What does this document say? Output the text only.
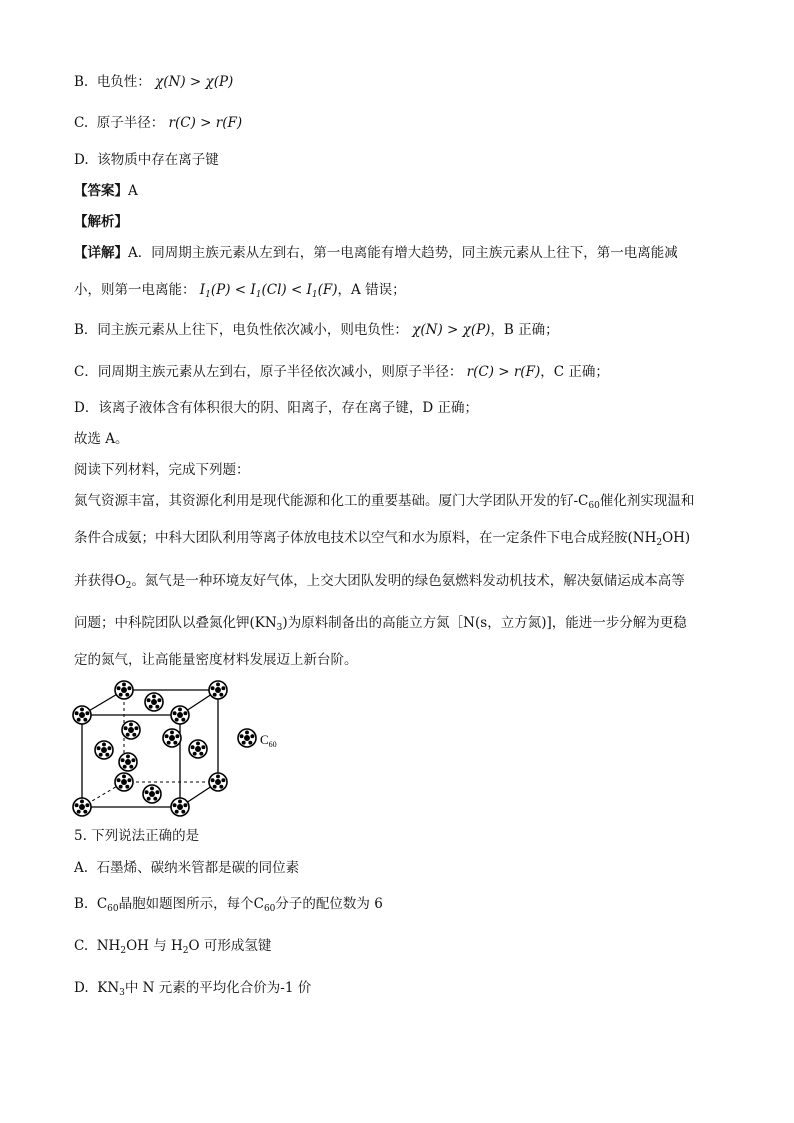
B. 电负性： χ(N) > χ(P)
C. 原子半径： r(C) > r(F)
D. 该物质中存在离子键
【答案】A
【解析】
【详解】A．同周期主族元素从左到右，第一电离能有增大趋势，同主族元素从上往下，第一电离能减
小，则第一电离能： $I_1(P) < I_1(Cl) < I_1(F)$，A 错误；
B．同主族元素从上往下，电负性依次减小，则电负性： χ(N) > χ(P)，B 正确；
C．同周期主族元素从左到右，原子半径依次减小，则原子半径： r(C) > r(F)，C 正确；
D．该离子液体含有体积很大的阴、阳离子，存在离子键，D 正确；
故选 A。
阅读下列材料，完成下列题：
氮气资源丰富，其资源化利用是现代能源和化工的重要基础。厦门大学团队开发的钌$-C_{60}$催化剂实现温和
条件合成氨；中科大团队利用等离子体放电技术以空气和水为原料，在一定条件下电合成羟胺$(NH_2OH)$
并获得$O_2$。氮气是一种环境友好气体，上交大团队发明的绿色氨燃料发动机技术，解决氨储运成本高等
问题；中科院团队以叠氮化钾$(KN_3)$为原料制备出的高能立方氮［N(s，立方氮)]，能进一步分解为更稳
定的氮气，让高能量密度材料发展迈上新台阶。
$C_{60}$
5. 下列说法正确的是
A. 石墨烯、碳纳米管都是碳的同位素
B. $C_{60}$晶胞如题图所示，每个$C_{60}$分子的配位数为 6
C. $NH_2OH$ 与 $H_2O$ 可形成氢键
D. $KN_3$中 N 元素的平均化合价为-1 价
